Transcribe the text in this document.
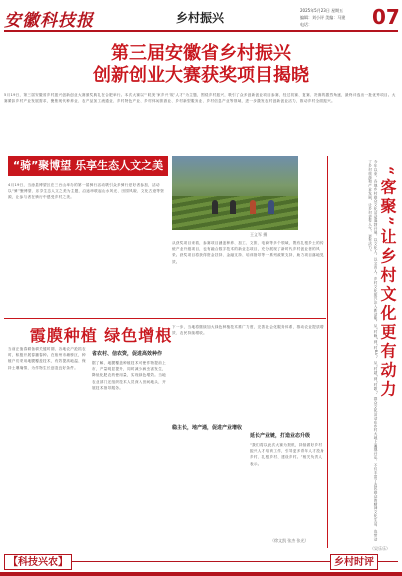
安徽科技报	乡村振兴
2025年5月23日 星期五
编辑：刘小评 美编：马建
电话：	07
第三届安徽省乡村振兴
创新创业大赛获奖项目揭晓
5月19日，第三届安徽省乡村振兴创新创业大赛颁奖典礼在合肥举行。本次大赛以“‘皖美’家乡兴‘皖’人才”为主题，围绕乡村振兴，吸引了众多创新创业项目参赛，经过初赛、复赛、决赛的激烈角逐，最终评选出一批优秀项目。大赛紧扣乡村产业发展需求，聚焦现代种养业、农产品加工流通业、乡村特色产业、乡村休闲旅游业、乡村新型服务业、乡村信息产业等领域，进一步激发农村创新创业活力，推动乡村全面振兴。
“骑”聚博望 乐享生态人文之美
4月19日，当涂县博望区在三台山举办的第一届骑行活动吸引众多骑行爱好者参加，活动以“骑”聚博望、乐享生态人文之美为主题，沿途串联起山水风光、田园风貌、文化古迹等资源，让参与者在骑行中感受乡村之美。
王义军 摄
从获奖项目来看，参赛项目涵盖种养、加工、文旅、电商等多个领域，既有扎根乡土的传统产业升级项目，也有融合数字技术的新业态项目，充分展现了新时代乡村创业者的风采。获奖项目将获得资金扶持、金融支持、培训指导等一系列政策支持，助力项目落地见效。
霞膜种植 绿色增根
当前正值春耕备耕关键时期，各地农户抢抓农时，积极开展春播春种。在宿州市埇桥区，种植户们采用地膜覆盖技术，有效提高地温、保持土壤墒情，为作物生长创造良好条件。
省农村、信农资，促进高效种作
据了解，地膜覆盖种植技术可使作物提前上市，产量明显提升，同时减少病虫害发生，降低化肥农药使用量，实现绿色增效。当地农业部门还组织技术人员深入田间地头，开展技术指导服务。
稳主长，地产通，促进产业增收
下一步，当地将继续加大绿色种植技术推广力度，完善社会化服务体系，推动农业提质增效、农民持续增收。
延长产业链，打造业态升级
“我们将以此次大赛为契机，持续做好乡村振兴人才培育工作，引导更多青年人才投身乡村、扎根乡村、建设乡村。”相关负责人表示。
（徐文凯 张杰 张光）	今年以来，各地乡村群众文化活动蓬勃开展，以文化人、以文育人，乡村文化振兴注入新动能。从“村晚”到“村BA”，从“村超”到“村歌”，群众文化活动在乡村大地上遍地开花，不仅丰富了农民群众的精神文化生活，也带动了乡村旅游和产业发展，让乡村更有人气、更有活力。 “客聚”让乡村文化更有动力
（吴乐乐）
【科技兴农】	乡村时评
